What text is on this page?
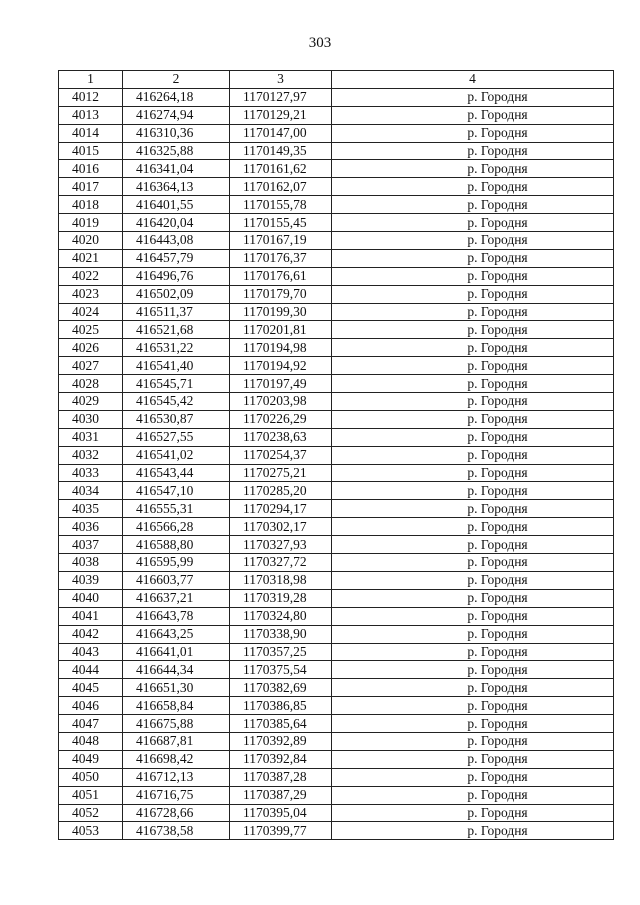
303
1	2	3	4
4012	416264,18	1170127,97	р. Городня
4013	416274,94	1170129,21	р. Городня
4014	416310,36	1170147,00	р. Городня
4015	416325,88	1170149,35	р. Городня
4016	416341,04	1170161,62	р. Городня
4017	416364,13	1170162,07	р. Городня
4018	416401,55	1170155,78	р. Городня
4019	416420,04	1170155,45	р. Городня
4020	416443,08	1170167,19	р. Городня
4021	416457,79	1170176,37	р. Городня
4022	416496,76	1170176,61	р. Городня
4023	416502,09	1170179,70	р. Городня
4024	416511,37	1170199,30	р. Городня
4025	416521,68	1170201,81	р. Городня
4026	416531,22	1170194,98	р. Городня
4027	416541,40	1170194,92	р. Городня
4028	416545,71	1170197,49	р. Городня
4029	416545,42	1170203,98	р. Городня
4030	416530,87	1170226,29	р. Городня
4031	416527,55	1170238,63	р. Городня
4032	416541,02	1170254,37	р. Городня
4033	416543,44	1170275,21	р. Городня
4034	416547,10	1170285,20	р. Городня
4035	416555,31	1170294,17	р. Городня
4036	416566,28	1170302,17	р. Городня
4037	416588,80	1170327,93	р. Городня
4038	416595,99	1170327,72	р. Городня
4039	416603,77	1170318,98	р. Городня
4040	416637,21	1170319,28	р. Городня
4041	416643,78	1170324,80	р. Городня
4042	416643,25	1170338,90	р. Городня
4043	416641,01	1170357,25	р. Городня
4044	416644,34	1170375,54	р. Городня
4045	416651,30	1170382,69	р. Городня
4046	416658,84	1170386,85	р. Городня
4047	416675,88	1170385,64	р. Городня
4048	416687,81	1170392,89	р. Городня
4049	416698,42	1170392,84	р. Городня
4050	416712,13	1170387,28	р. Городня
4051	416716,75	1170387,29	р. Городня
4052	416728,66	1170395,04	р. Городня
4053	416738,58	1170399,77	р. Городня
